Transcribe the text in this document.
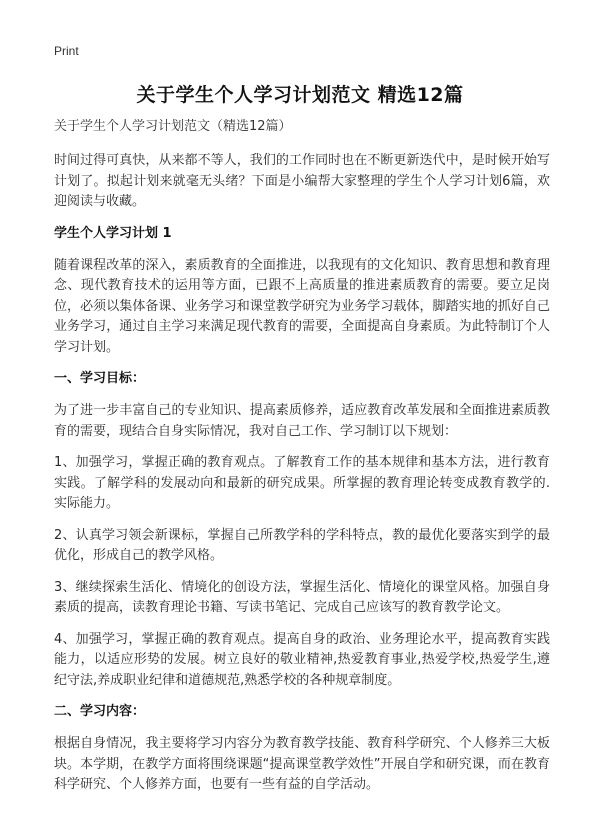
Print
关于学生个人学习计划范文 精选12篇

关于学生个人学习计划范文（精选12篇）

时间过得可真快，从来都不等人，我们的工作同时也在不断更新迭代中，是时候开始写计划了。拟起计划来就毫无头绪？下面是小编帮大家整理的学生个人学习计划6篇，欢迎阅读与收藏。

学生个人学习计划 1

随着课程改革的深入，素质教育的全面推进，以我现有的文化知识、教育思想和教育理念、现代教育技术的运用等方面，已跟不上高质量的推进素质教育的需要。要立足岗位，必须以集体备课、业务学习和课堂教学研究为业务学习载体，脚踏实地的抓好自己业务学习，通过自主学习来满足现代教育的需要，全面提高自身素质。为此特制订个人学习计划。

一、学习目标：

为了进一步丰富自己的专业知识、提高素质修养，适应教育改革发展和全面推进素质教育的需要，现结合自身实际情况，我对自己工作、学习制订以下规划：

1、加强学习，掌握正确的教育观点。了解教育工作的基本规律和基本方法，进行教育实践。了解学科的发展动向和最新的研究成果。所掌握的教育理论转变成教育教学的.实际能力。

2、认真学习领会新课标，掌握自己所教学科的学科特点，教的最优化要落实到学的最优化，形成自己的教学风格。

3、继续探索生活化、情境化的创设方法，掌握生活化、情境化的课堂风格。加强自身素质的提高，读教育理论书籍、写读书笔记、完成自己应该写的教育教学论文。

4、加强学习，掌握正确的教育观点。提高自身的政治、业务理论水平，提高教育实践能力，以适应形势的发展。树立良好的敬业精神,热爱教育事业,热爱学校,热爱学生,遵纪守法,养成职业纪律和道德规范,熟悉学校的各种规章制度。

二、学习内容：

根据自身情况，我主要将学习内容分为教育教学技能、教育科学研究、个人修养三大板块。本学期，在教学方面将围绕课题“提高课堂教学效性”开展自学和研究课，而在教育科学研究、个人修养方面，也要有一些有益的自学活动。
